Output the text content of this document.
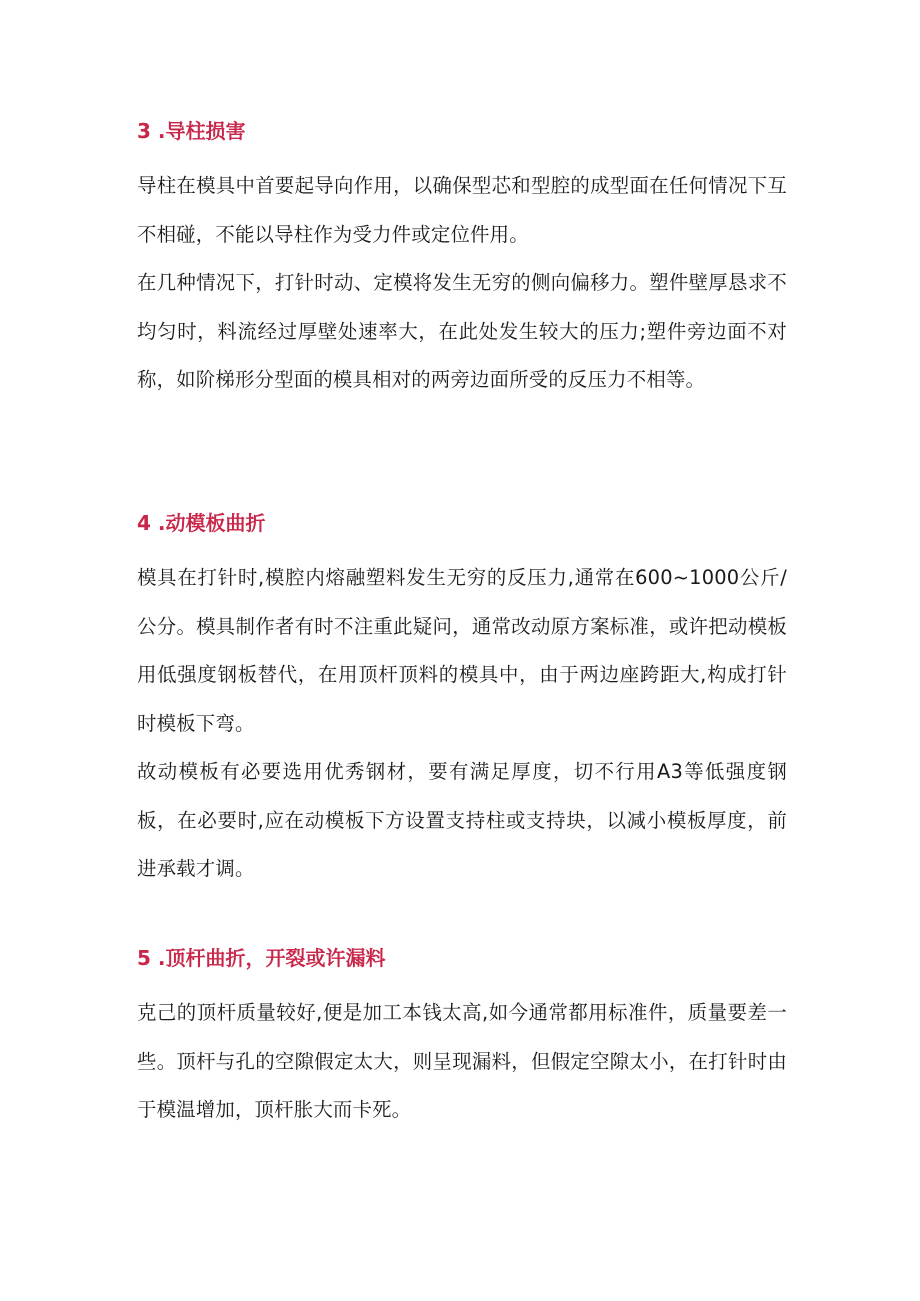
3 .导柱损害

导柱在模具中首要起导向作用，以确保型芯和型腔的成型面在任何情况下互不相碰，不能以导柱作为受力件或定位件用。

在几种情况下，打针时动、定模将发生无穷的侧向偏移力。塑件壁厚恳求不均匀时，料流经过厚壁处速率大，在此处发生较大的压力;塑件旁边面不对称，如阶梯形分型面的模具相对的两旁边面所受的反压力不相等。

4 .动模板曲折

模具在打针时,模腔内熔融塑料发生无穷的反压力,通常在600~1000公斤/公分。模具制作者有时不注重此疑问，通常改动原方案标准，或许把动模板用低强度钢板替代，在用顶杆顶料的模具中，由于两边座跨距大,构成打针时模板下弯。

故动模板有必要选用优秀钢材，要有满足厚度，切不行用A3等低强度钢板，在必要时,应在动模板下方设置支持柱或支持块，以减小模板厚度，前进承载才调。

5 .顶杆曲折，开裂或许漏料

克己的顶杆质量较好,便是加工本钱太高,如今通常都用标准件，质量要差一些。顶杆与孔的空隙假定太大，则呈现漏料，但假定空隙太小，在打针时由于模温增加，顶杆胀大而卡死。
